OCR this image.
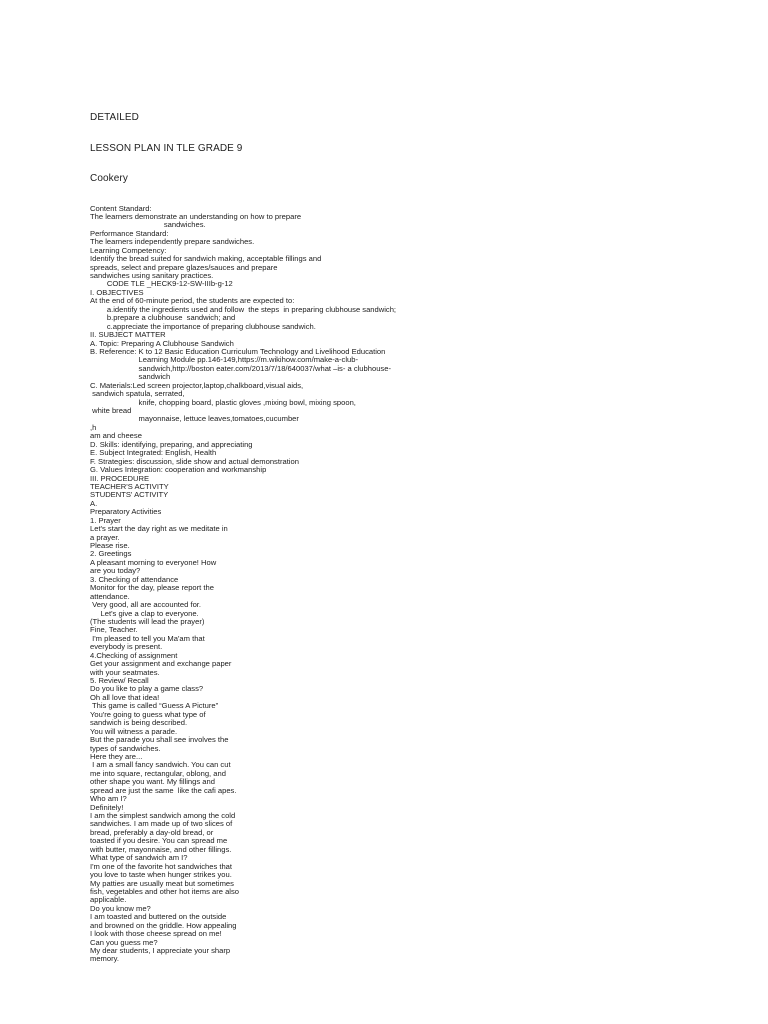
DETAILED

LESSON PLAN IN TLE GRADE 9

Cookery

Content Standard:
The learners demonstrate an understanding on how to prepare
sandwiches.
Performance Standard:
The learners independently prepare sandwiches.
Learning Competency:
Identify the bread suited for sandwich making, acceptable fillings and
spreads, select and prepare glazes/sauces and prepare
sandwiches using sanitary practices.
CODE TLE _HECK9-12-SW-IIIb-g-12
I. OBJECTIVES
At the end of 60-minute period, the students are expected to:
a.identify the ingredients used and follow  the steps  in preparing clubhouse sandwich;
b.prepare a clubhouse  sandwich; and
c.appreciate the importance of preparing clubhouse sandwich.
II. SUBJECT MATTER
A. Topic: Preparing A Clubhouse Sandwich
B. Reference: K to 12 Basic Education Curriculum Technology and Livelihood Education
Learning Module pp.146-149,https://m.wikihow.com/make-a-club-
sandwich,http://boston eater.com/2013/7/18/640037/what –is- a clubhouse-
sandwich
C. Materials:Led screen projector,laptop,chalkboard,visual aids,
sandwich spatula, serrated,
knife, chopping board, plastic gloves ,mixing bowl, mixing spoon,
white bread
mayonnaise, lettuce leaves,tomatoes,cucumber
,h
am and cheese
D. Skills: identifying, preparing, and appreciating
E. Subject Integrated: English, Health
F. Strategies: discussion, slide show and actual demonstration
G. Values Integration: cooperation and workmanship
III. PROCEDURE
TEACHER'S ACTIVITY
STUDENTS' ACTIVITY
A.
Preparatory Activities
1. Prayer
Let's start the day right as we meditate in
a prayer.
Please rise.
2. Greetings
A pleasant morning to everyone! How
are you today?
3. Checking of attendance
Monitor for the day, please report the
attendance.
Very good, all are accounted for.
Let's give a clap to everyone.
(The students will lead the prayer)
Fine, Teacher.
I'm pleased to tell you Ma'am that
everybody is present.
4.Checking of assignment
Get your assignment and exchange paper
with your seatmates.
5. Review/ Recall
Do you like to play a game class?
Oh all love that idea!
This game is called “Guess A Picture”
You're going to guess what type of
sandwich is being described.
You will witness a parade.
But the parade you shall see involves the
types of sandwiches.
Here they are...
I am a small fancy sandwich. You can cut
me into square, rectangular, oblong, and
other shape you want. My fillings and
spread are just the same  like the cafi apes.
Who am I?
Definitely!
I am the simplest sandwich among the cold
sandwiches. I am made up of two slices of
bread, preferably a day-old bread, or
toasted if you desire. You can spread me
with butter, mayonnaise, and other fillings.
What type of sandwich am I?
I'm one of the favorite hot sandwiches that
you love to taste when hunger strikes you.
My patties are usually meat but sometimes
fish, vegetables and other hot items are also
applicable.
Do you know me?
I am toasted and buttered on the outside
and browned on the griddle. How appealing
I look with those cheese spread on me!
Can you guess me?
My dear students, I appreciate your sharp
memory.
